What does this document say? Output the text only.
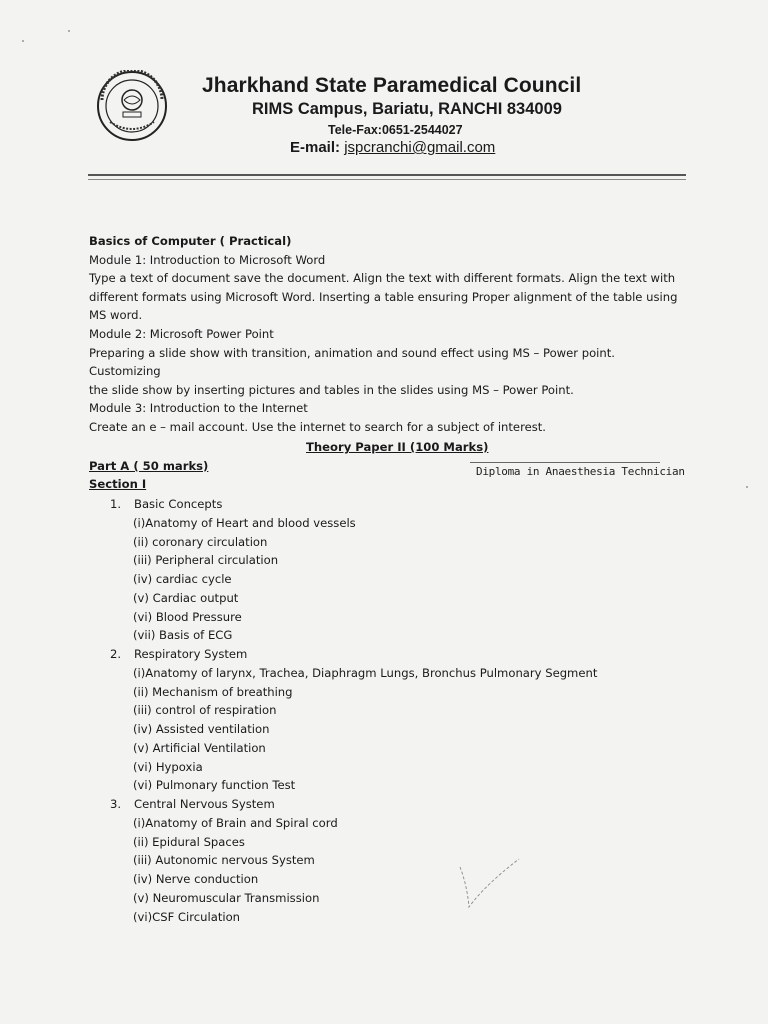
Jharkhand State Paramedical Council
RIMS Campus, Bariatu, RANCHI 834009
Tele-Fax:0651-2544027
E-mail: jspcranchi@gmail.com

Basics of Computer ( Practical)

Module 1: Introduction to Microsoft Word

Type a text of document save the document. Align the text with different formats. Align the text with

different formats using Microsoft Word. Inserting a table ensuring Proper alignment of the table using

MS word.

Module 2: Microsoft Power Point

Preparing a slide show with transition, animation and sound effect using MS – Power point. Customizing

the slide show by inserting pictures and tables in the slides using MS – Power Point.

Module 3: Introduction to the Internet

Create an e – mail account. Use the internet to search for a subject of interest.

Theory Paper II (100 Marks)
Part A ( 50 marks)
Section I
Diploma in Anaesthesia Technician
1. Basic Concepts
(i)Anatomy of Heart and blood vessels
(ii) coronary circulation
(iii) Peripheral circulation
(iv) cardiac cycle
(v) Cardiac output
(vi) Blood Pressure
(vii) Basis of ECG
2. Respiratory System
(i)Anatomy of larynx, Trachea, Diaphragm Lungs, Bronchus Pulmonary Segment
(ii) Mechanism of breathing
(iii) control of respiration
(iv) Assisted ventilation
(v) Artificial Ventilation
(vi) Hypoxia
(vi) Pulmonary function Test
3. Central Nervous System
(i)Anatomy of Brain and Spiral cord
(ii) Epidural Spaces
(iii) Autonomic nervous System
(iv) Nerve conduction
(v) Neuromuscular Transmission
(vi)CSF Circulation
